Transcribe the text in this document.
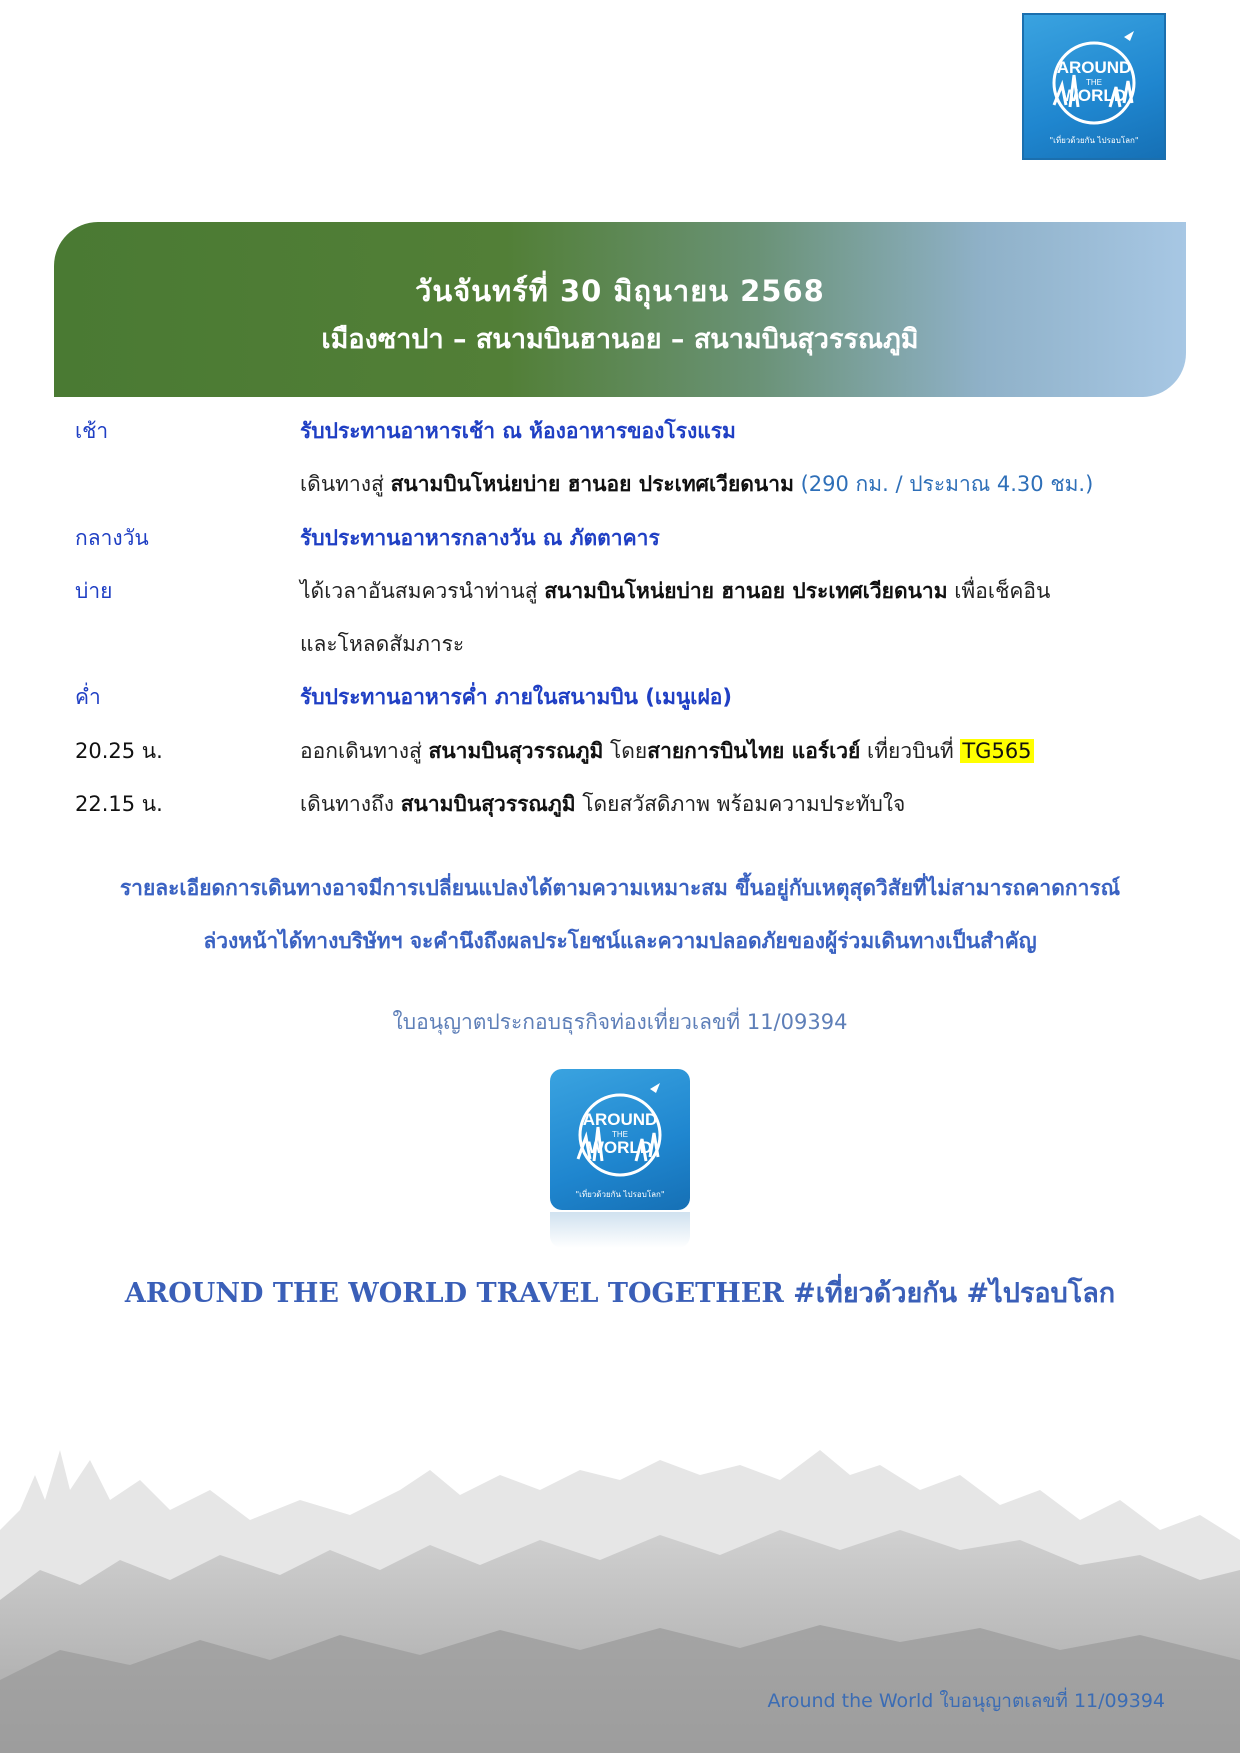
AROUND
THE
WORLD
"เที่ยวด้วยกัน ไปรอบโลก"
วันจันทร์ที่ 30 มิถุนายน 2568
เมืองซาปา – สนามบินฮานอย – สนามบินสุวรรณภูมิ
เช้า	รับประทานอาหารเช้า ณ ห้องอาหารของโรงแรม
เดินทางสู่ สนามบินโหน่ยบ่าย ฮานอย ประเทศเวียดนาม (290 กม. / ประมาณ 4.30 ชม.)
กลางวัน	รับประทานอาหารกลางวัน ณ ภัตตาคาร
บ่าย	ได้เวลาอันสมควรนำท่านสู่ สนามบินโหน่ยบ่าย ฮานอย ประเทศเวียดนาม เพื่อเช็คอิน
และโหลดสัมภาระ
ค่ำ	รับประทานอาหารค่ำ ภายในสนามบิน (เมนูเฝอ)
20.25 น.	ออกเดินทางสู่ สนามบินสุวรรณภูมิ โดยสายการบินไทย แอร์เวย์ เที่ยวบินที่ TG565
22.15 น.	เดินทางถึง สนามบินสุวรรณภูมิ โดยสวัสดิภาพ พร้อมความประทับใจ
รายละเอียดการเดินทางอาจมีการเปลี่ยนแปลงได้ตามความเหมาะสม ขึ้นอยู่กับเหตุสุดวิสัยที่ไม่สามารถคาดการณ์
ล่วงหน้าได้ทางบริษัทฯ จะคำนึงถึงผลประโยชน์และความปลอดภัยของผู้ร่วมเดินทางเป็นสำคัญ
ใบอนุญาตประกอบธุรกิจท่องเที่ยวเลขที่ 11/09394
AROUND
THE
WORLD
"เที่ยวด้วยกัน ไปรอบโลก"
AROUND THE WORLD TRAVEL TOGETHER #เที่ยวด้วยกัน #ไปรอบโลก
Around the World ใบอนุญาตเลขที่ 11/09394
